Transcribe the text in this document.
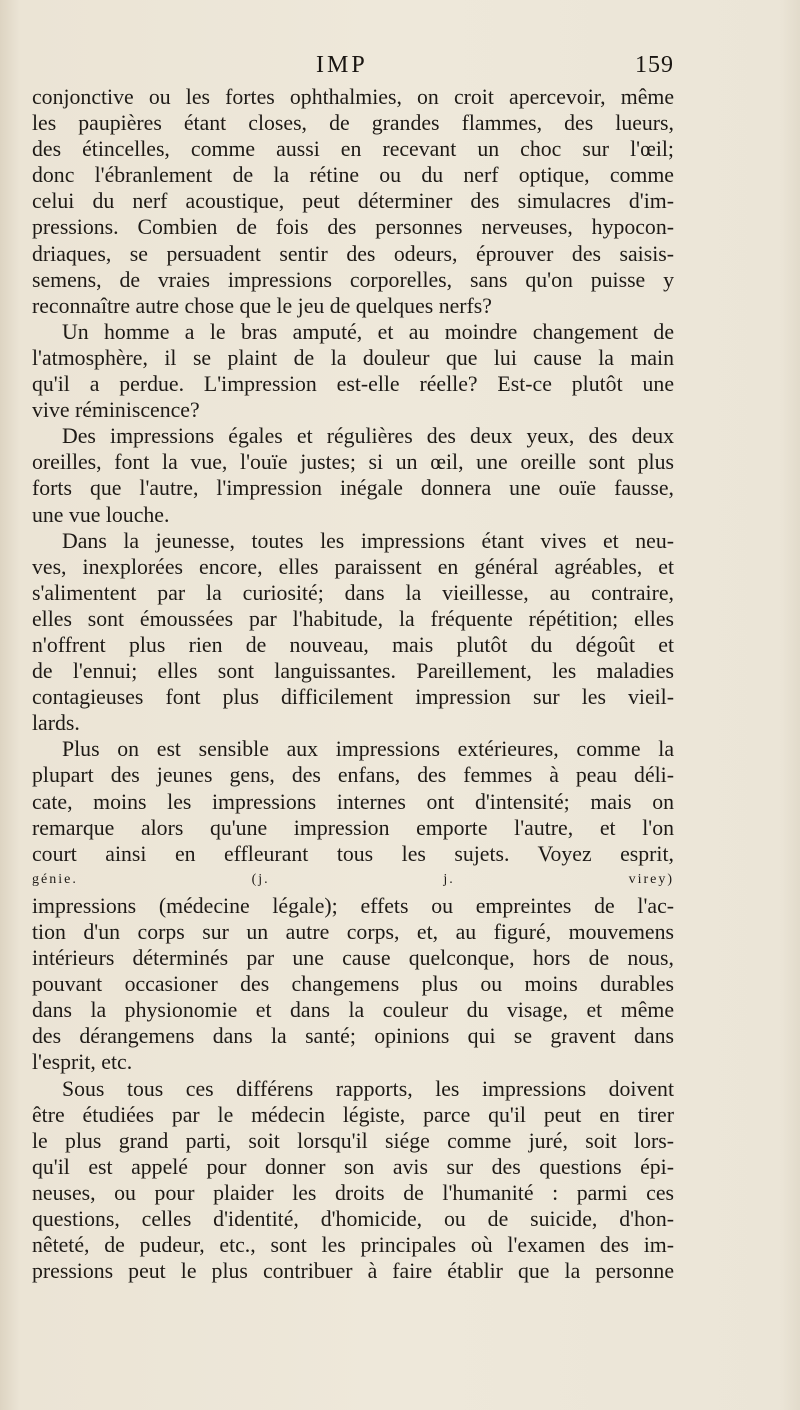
IMP	159
conjonctive ou les fortes ophthalmies, on croit apercevoir, même
les paupières étant closes, de grandes flammes, des lueurs,
des étincelles, comme aussi en recevant un choc sur l'œil;
donc l'ébranlement de la rétine ou du nerf optique, comme
celui du nerf acoustique, peut déterminer des simulacres d'im-
pressions. Combien de fois des personnes nerveuses, hypocon-
driaques, se persuadent sentir des odeurs, éprouver des saisis-
semens, de vraies impressions corporelles, sans qu'on puisse y
reconnaître autre chose que le jeu de quelques nerfs?
Un homme a le bras amputé, et au moindre changement de
l'atmosphère, il se plaint de la douleur que lui cause la main
qu'il a perdue. L'impression est-elle réelle? Est-ce plutôt une
vive réminiscence?
Des impressions égales et régulières des deux yeux, des deux
oreilles, font la vue, l'ouïe justes; si un œil, une oreille sont plus
forts que l'autre, l'impression inégale donnera une ouïe fausse,
une vue louche.
Dans la jeunesse, toutes les impressions étant vives et neu-
ves, inexplorées encore, elles paraissent en général agréables, et
s'alimentent par la curiosité; dans la vieillesse, au contraire,
elles sont émoussées par l'habitude, la fréquente répétition; elles
n'offrent plus rien de nouveau, mais plutôt du dégoût et
de l'ennui; elles sont languissantes. Pareillement, les maladies
contagieuses font plus difficilement impression sur les vieil-
lards.
Plus on est sensible aux impressions extérieures, comme la
plupart des jeunes gens, des enfans, des femmes à peau déli-
cate, moins les impressions internes ont d'intensité; mais on
remarque alors qu'une impression emporte l'autre, et l'on
court ainsi en effleurant tous les sujets. Voyez esprit,
génie. (j. j. virey)
impressions (médecine légale); effets ou empreintes de l'ac-
tion d'un corps sur un autre corps, et, au figuré, mouvemens
intérieurs déterminés par une cause quelconque, hors de nous,
pouvant occasioner des changemens plus ou moins durables
dans la physionomie et dans la couleur du visage, et même
des dérangemens dans la santé; opinions qui se gravent dans
l'esprit, etc.
Sous tous ces différens rapports, les impressions doivent
être étudiées par le médecin légiste, parce qu'il peut en tirer
le plus grand parti, soit lorsqu'il siége comme juré, soit lors-
qu'il est appelé pour donner son avis sur des questions épi-
neuses, ou pour plaider les droits de l'humanité : parmi ces
questions, celles d'identité, d'homicide, ou de suicide, d'hon-
nêteté, de pudeur, etc., sont les principales où l'examen des im-
pressions peut le plus contribuer à faire établir que la personne
